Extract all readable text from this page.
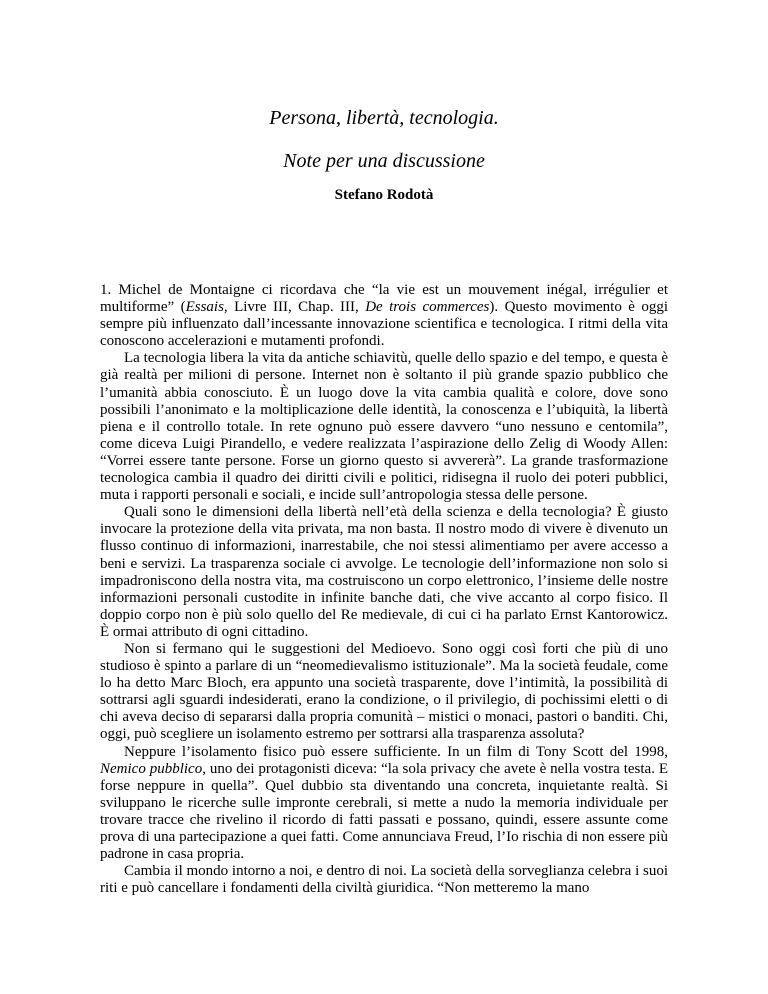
Persona, libertà, tecnologia.
Note per una discussione
Stefano Rodotà

1. Michel de Montaigne ci ricordava che “la vie est un mouvement inégal, irrégulier et multiforme” (Essais, Livre III, Chap. III, De trois commerces). Questo movimento è oggi sempre più influenzato dall’incessante innovazione scientifica e tecnologica. I ritmi della vita conoscono accelerazioni e mutamenti profondi.

La tecnologia libera la vita da antiche schiavitù, quelle dello spazio e del tempo, e questa è già realtà per milioni di persone. Internet non è soltanto il più grande spazio pubblico che l’umanità abbia conosciuto. È un luogo dove la vita cambia qualità e colore, dove sono possibili l’anonimato e la moltiplicazione delle identità, la conoscenza e l’ubiquità, la libertà piena e il controllo totale. In rete ognuno può essere davvero “uno nessuno e centomila”, come diceva Luigi Pirandello, e vedere realizzata l’aspirazione dello Zelig di Woody Allen: “Vorrei essere tante persone. Forse un giorno questo si avvererà”. La grande trasformazione tecnologica cambia il quadro dei diritti civili e politici, ridisegna il ruolo dei poteri pubblici, muta i rapporti personali e sociali, e incide sull’antropologia stessa delle persone.

Quali sono le dimensioni della libertà nell’età della scienza e della tecnologia? È giusto invocare la protezione della vita privata, ma non basta. Il nostro modo di vivere è divenuto un flusso continuo di informazioni, inarrestabile, che noi stessi alimentiamo per avere accesso a beni e servizi. La trasparenza sociale ci avvolge. Le tecnologie dell’informazione non solo si impadroniscono della nostra vita, ma costruiscono un corpo elettronico, l’insieme delle nostre informazioni personali custodite in infinite banche dati, che vive accanto al corpo fisico. Il doppio corpo non è più solo quello del Re medievale, di cui ci ha parlato Ernst Kantorowicz. È ormai attributo di ogni cittadino.

Non si fermano qui le suggestioni del Medioevo. Sono oggi così forti che più di uno studioso è spinto a parlare di un “neomedievalismo istituzionale”. Ma la società feudale, come lo ha detto Marc Bloch, era appunto una società trasparente, dove l’intimità, la possibilità di sottrarsi agli sguardi indesiderati, erano la condizione, o il privilegio, di pochissimi eletti o di chi aveva deciso di separarsi dalla propria comunità – mistici o monaci, pastori o banditi. Chi, oggi, può scegliere un isolamento estremo per sottrarsi alla trasparenza assoluta?

Neppure l’isolamento fisico può essere sufficiente. In un film di Tony Scott del 1998, Nemico pubblico, uno dei protagonisti diceva: “la sola privacy che avete è nella vostra testa. E forse neppure in quella”. Quel dubbio sta diventando una concreta, inquietante realtà. Si sviluppano le ricerche sulle impronte cerebrali, si mette a nudo la memoria individuale per trovare tracce che rivelino il ricordo di fatti passati e possano, quindi, essere assunte come prova di una partecipazione a quei fatti. Come annunciava Freud, l’Io rischia di non essere più padrone in casa propria.

Cambia il mondo intorno a noi, e dentro di noi. La società della sorveglianza celebra i suoi riti e può cancellare i fondamenti della civiltà giuridica. “Non metteremo la mano
